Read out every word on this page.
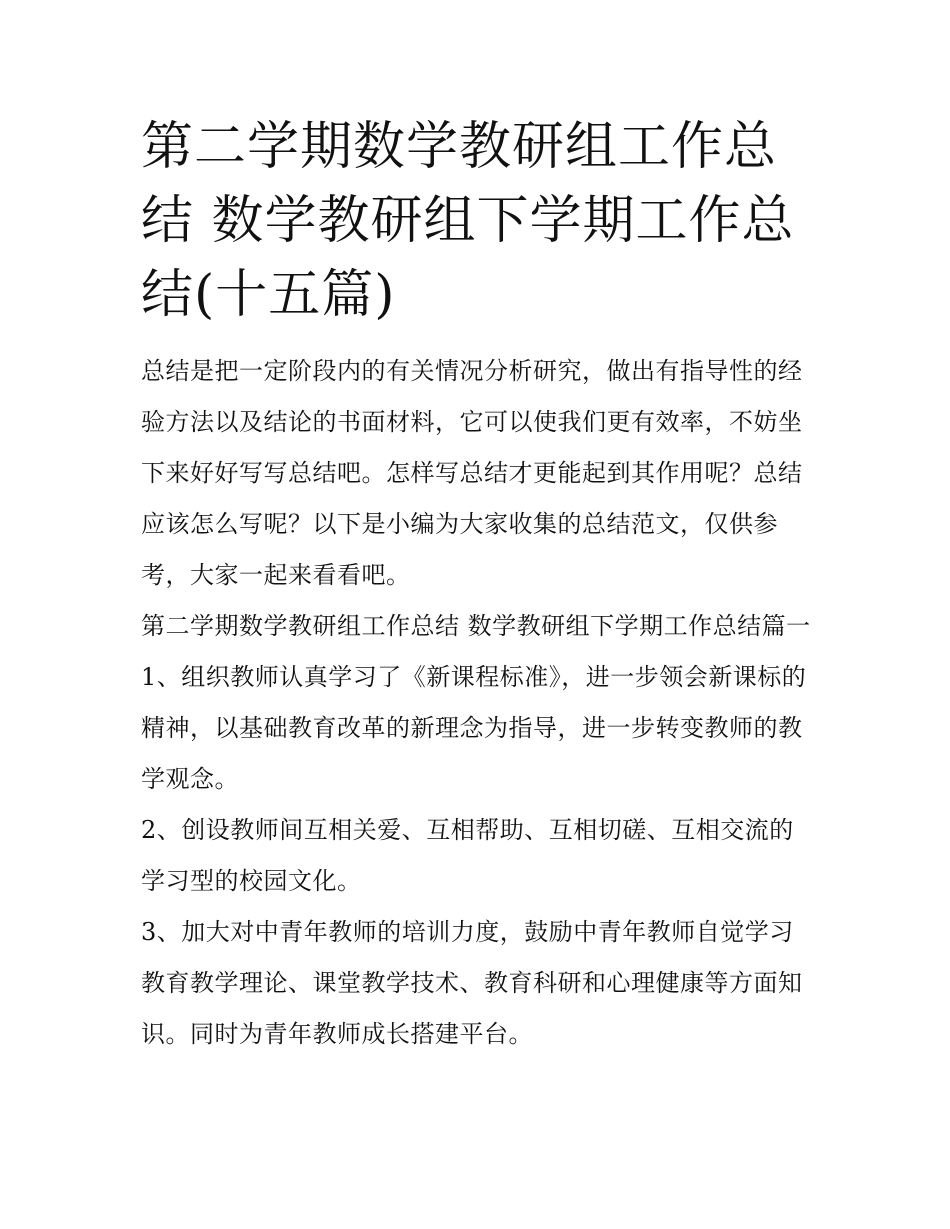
第二学期数学教研组工作总结 数学教研组下学期工作总结(十五篇)

总结是把一定阶段内的有关情况分析研究，做出有指导性的经验方法以及结论的书面材料，它可以使我们更有效率，不妨坐下来好好写写总结吧。怎样写总结才更能起到其作用呢？总结应该怎么写呢？以下是小编为大家收集的总结范文，仅供参考，大家一起来看看吧。

第二学期数学教研组工作总结 数学教研组下学期工作总结篇一

1、组织教师认真学习了《新课程标准》，进一步领会新课标的精神，以基础教育改革的新理念为指导，进一步转变教师的教学观念。

2、创设教师间互相关爱、互相帮助、互相切磋、互相交流的学习型的校园文化。

3、加大对中青年教师的培训力度，鼓励中青年教师自觉学习教育教学理论、课堂教学技术、教育科研和心理健康等方面知识。同时为青年教师成长搭建平台。
